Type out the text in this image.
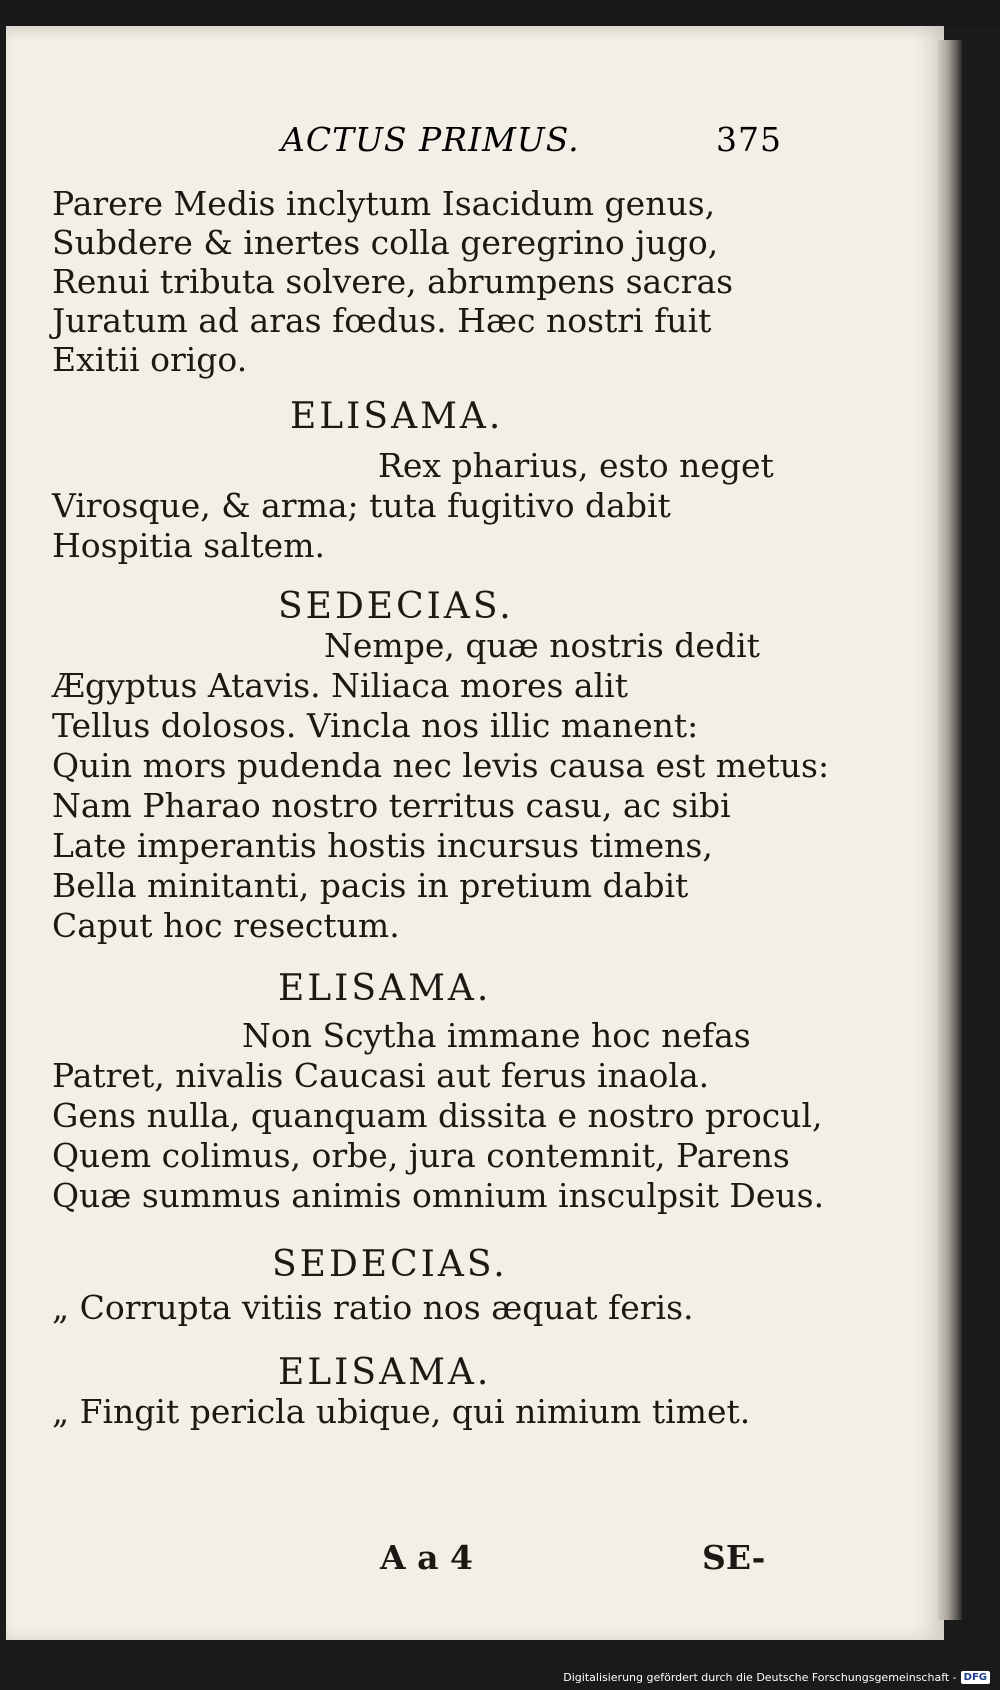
ACTUS PRIMUS.	375
Parere Medis inclytum Isacidum genus,
Subdere & inertes colla geregrino jugo,
Renui tributa solvere, abrumpens sacras
Juratum ad aras fœdus. Hæc nostri fuit
Exitii origo.
ELISAMA.
Rex pharius, esto neget
Virosque, & arma; tuta fugitivo dabit
Hospitia saltem.
SEDECIAS.
Nempe, quæ nostris dedit
Ægyptus Atavis. Niliaca mores alit
Tellus dolosos. Vincla nos illic manent:
Quin mors pudenda nec levis causa est metus:
Nam Pharao nostro territus casu, ac sibi
Late imperantis hostis incursus timens,
Bella minitanti, pacis in pretium dabit
Caput hoc resectum.
ELISAMA.
Non Scytha immane hoc nefas
Patret, nivalis Caucasi aut ferus inaola.
Gens nulla, quanquam dissita e nostro procul,
Quem colimus, orbe, jura contemnit, Parens
Quæ summus animis omnium insculpsit Deus.
SEDECIAS.
„ Corrupta vitiis ratio nos æquat feris.
ELISAMA.
„ Fingit pericla ubique, qui nimium timet.
A a 4	SE-
Digitalisierung gefördert durch die Deutsche Forschungsgemeinschaft - DFG
